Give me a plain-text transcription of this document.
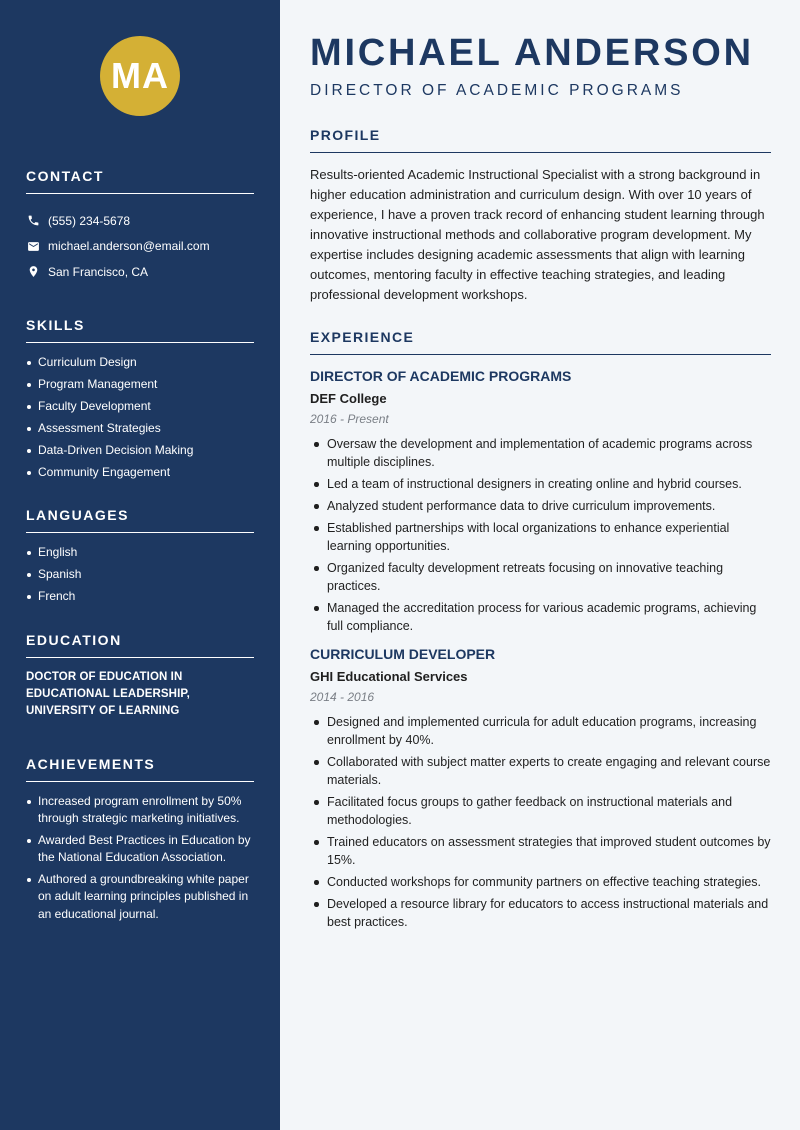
MA
CONTACT
(555) 234-5678
michael.anderson@email.com
San Francisco, CA
SKILLS
Curriculum Design
Program Management
Faculty Development
Assessment Strategies
Data-Driven Decision Making
Community Engagement
LANGUAGES
English
Spanish
French
EDUCATION
DOCTOR OF EDUCATION IN
EDUCATIONAL LEADERSHIP,
UNIVERSITY OF LEARNING
ACHIEVEMENTS
Increased program enrollment by 50% through strategic marketing initiatives.
Awarded Best Practices in Education by the National Education Association.
Authored a groundbreaking white paper on adult learning principles published in an educational journal.
MICHAEL ANDERSON
DIRECTOR OF ACADEMIC PROGRAMS
PROFILE

Results-oriented Academic Instructional Specialist with a strong background in higher education administration and curriculum design. With over 10 years of experience, I have a proven track record of enhancing student learning through innovative instructional methods and collaborative program development. My expertise includes designing academic assessments that align with learning outcomes, mentoring faculty in effective teaching strategies, and leading professional development workshops.

EXPERIENCE
DIRECTOR OF ACADEMIC PROGRAMS
DEF College
2016 - Present
Oversaw the development and implementation of academic programs across multiple disciplines.
Led a team of instructional designers in creating online and hybrid courses.
Analyzed student performance data to drive curriculum improvements.
Established partnerships with local organizations to enhance experiential learning opportunities.
Organized faculty development retreats focusing on innovative teaching practices.
Managed the accreditation process for various academic programs, achieving full compliance.
CURRICULUM DEVELOPER
GHI Educational Services
2014 - 2016
Designed and implemented curricula for adult education programs, increasing enrollment by 40%.
Collaborated with subject matter experts to create engaging and relevant course materials.
Facilitated focus groups to gather feedback on instructional materials and methodologies.
Trained educators on assessment strategies that improved student outcomes by 15%.
Conducted workshops for community partners on effective teaching strategies.
Developed a resource library for educators to access instructional materials and best practices.
